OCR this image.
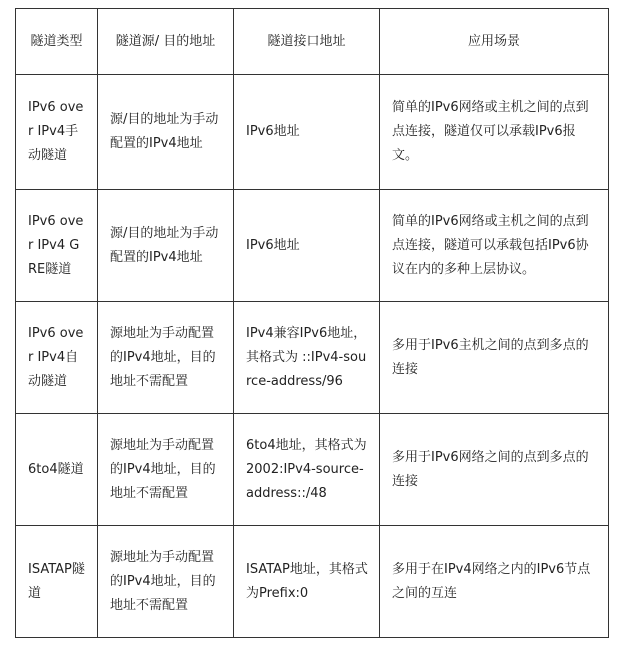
隧道类型	隧道源/ 目的地址	隧道接口地址	应用场景
IPv6 over IPv4手动隧道	源/目的地址为手动配置的IPv4地址	IPv6地址	简单的IPv6网络或主机之间的点到点连接，隧道仅可以承载IPv6报文。
IPv6 over IPv4 GRE隧道	源/目的地址为手动配置的IPv4地址	IPv6地址	简单的IPv6网络或主机之间的点到点连接，隧道可以承载包括IPv6协议在内的多种上层协议。
IPv6 over IPv4自动隧道	源地址为手动配置的IPv4地址，目的地址不需配置	IPv4兼容IPv6地址，其格式为 ::IPv4-source-address/96	多用于IPv6主机之间的点到多点的连接
6to4隧道	源地址为手动配置的IPv4地址，目的地址不需配置	6to4地址，其格式为2002:IPv4-source-address::/48	多用于IPv6网络之间的点到多点的连接
ISATAP隧道	源地址为手动配置的IPv4地址，目的地址不需配置	ISATAP地址，其格式为Prefix:0	多用于在IPv4网络之内的IPv6节点之间的互连
